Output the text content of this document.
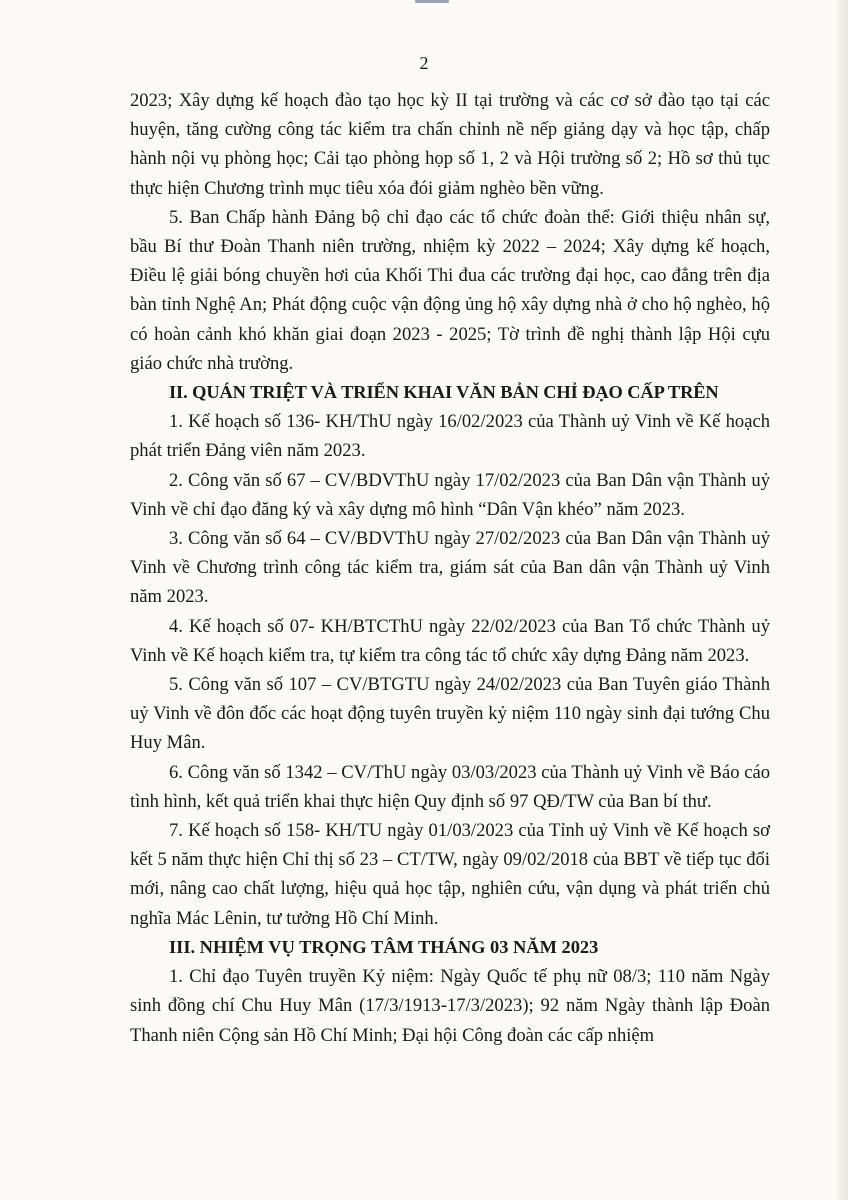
2

2023; Xây dựng kế hoạch đào tạo học kỳ II tại trường và các cơ sở đào tạo tại các huyện, tăng cường công tác kiểm tra chấn chỉnh nề nếp giảng dạy và học tập, chấp hành nội vụ phòng học; Cải tạo phòng họp số 1, 2 và Hội trường số 2; Hồ sơ thủ tục thực hiện Chương trình mục tiêu xóa đói giảm nghèo bền vững.

5. Ban Chấp hành Đảng bộ chỉ đạo các tổ chức đoàn thể: Giới thiệu nhân sự, bầu Bí thư Đoàn Thanh niên trường, nhiệm kỳ 2022 – 2024; Xây dựng kế hoạch, Điều lệ giải bóng chuyền hơi của Khối Thi đua các trường đại học, cao đẳng trên địa bàn tỉnh Nghệ An; Phát động cuộc vận động ủng hộ xây dựng nhà ở cho hộ nghèo, hộ có hoàn cảnh khó khăn giai đoạn 2023 - 2025; Tờ trình đề nghị thành lập Hội cựu giáo chức nhà trường.

II. QUÁN TRIỆT VÀ TRIỂN KHAI VĂN BẢN CHỈ ĐẠO CẤP TRÊN

1. Kế hoạch số 136- KH/ThU ngày 16/02/2023 của Thành uỷ Vinh về Kế hoạch phát triển Đảng viên năm 2023.

2. Công văn số 67 – CV/BDVThU ngày 17/02/2023 của Ban Dân vận Thành uỷ Vinh về chỉ đạo đăng ký và xây dựng mô hình “Dân Vận khéo” năm 2023.

3. Công văn số 64 – CV/BDVThU ngày 27/02/2023 của Ban Dân vận Thành uỷ Vinh về Chương trình công tác kiểm tra, giám sát của Ban dân vận Thành uỷ Vinh năm 2023.

4. Kế hoạch số 07- KH/BTCThU ngày 22/02/2023 của Ban Tổ chức Thành uỷ Vinh về Kế hoạch kiểm tra, tự kiểm tra công tác tổ chức xây dựng Đảng năm 2023.

5. Công văn số 107 – CV/BTGTU ngày 24/02/2023 của Ban Tuyên giáo Thành uỷ Vinh về đôn đốc các hoạt động tuyên truyền kỷ niệm 110 ngày sinh đại tướng Chu Huy Mân.

6. Công văn số 1342 – CV/ThU ngày 03/03/2023 của Thành uỷ Vinh về Báo cáo tình hình, kết quả triển khai thực hiện Quy định số 97 QĐ/TW của Ban bí thư.

7. Kế hoạch số 158- KH/TU ngày 01/03/2023 của Tỉnh uỷ Vinh về Kế hoạch sơ kết 5 năm thực hiện Chỉ thị số 23 – CT/TW, ngày 09/02/2018 của BBT về tiếp tục đổi mới, nâng cao chất lượng, hiệu quả học tập, nghiên cứu, vận dụng và phát triển chủ nghĩa Mác Lênin, tư tưởng Hồ Chí Minh.

III. NHIỆM VỤ TRỌNG TÂM THÁNG 03 NĂM 2023

1. Chỉ đạo Tuyên truyền Kỷ niệm: Ngày Quốc tế phụ nữ 08/3; 110 năm Ngày sinh đồng chí Chu Huy Mân (17/3/1913-17/3/2023); 92 năm Ngày thành lập Đoàn Thanh niên Cộng sản Hồ Chí Minh; Đại hội Công đoàn các cấp nhiệm
